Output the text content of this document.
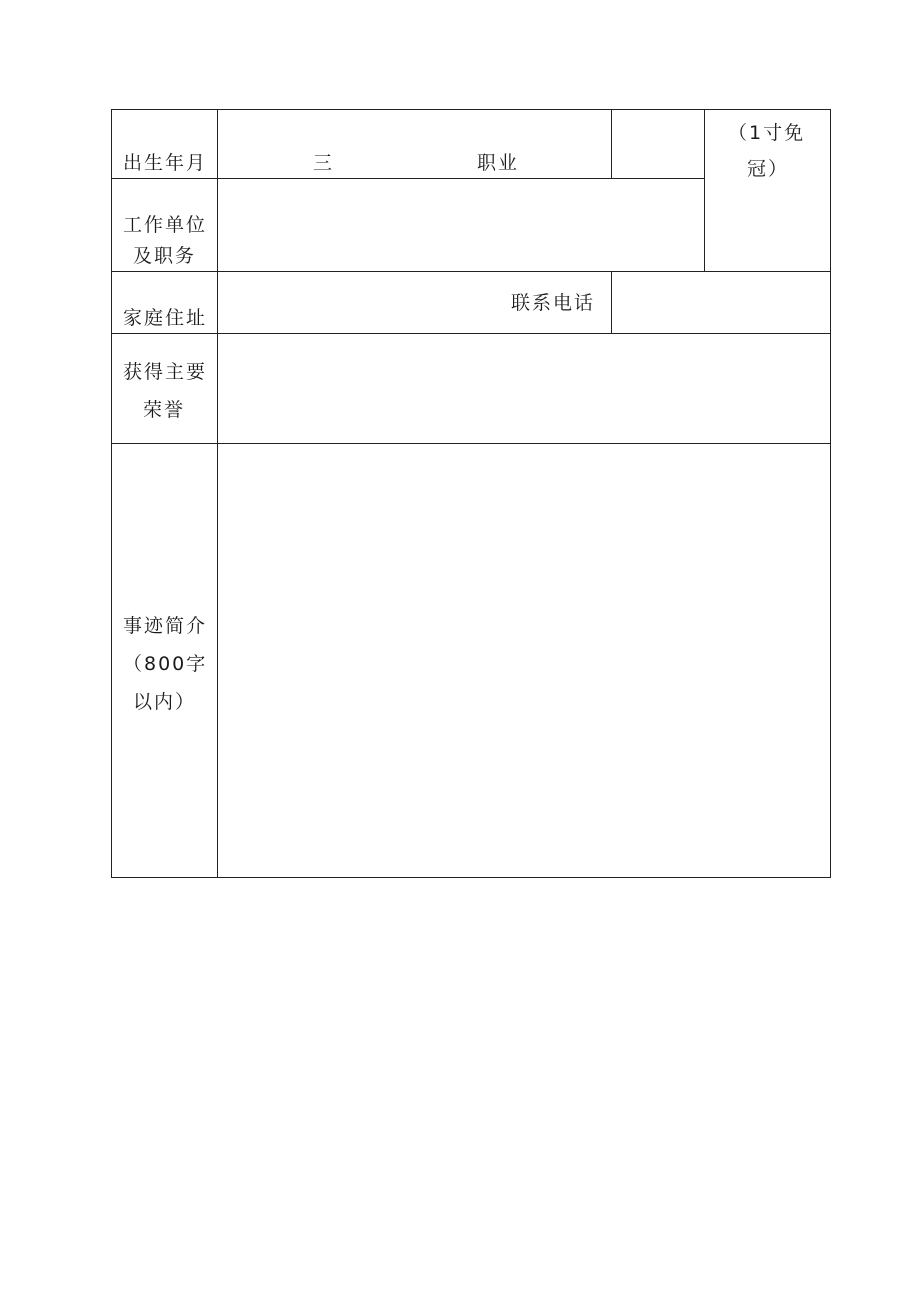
出生年月	三	职业
（1寸免
冠）
工作单位
及职务
家庭住址
联系电话
获得主要
荣誉
事迹简介
（800字
以内）
